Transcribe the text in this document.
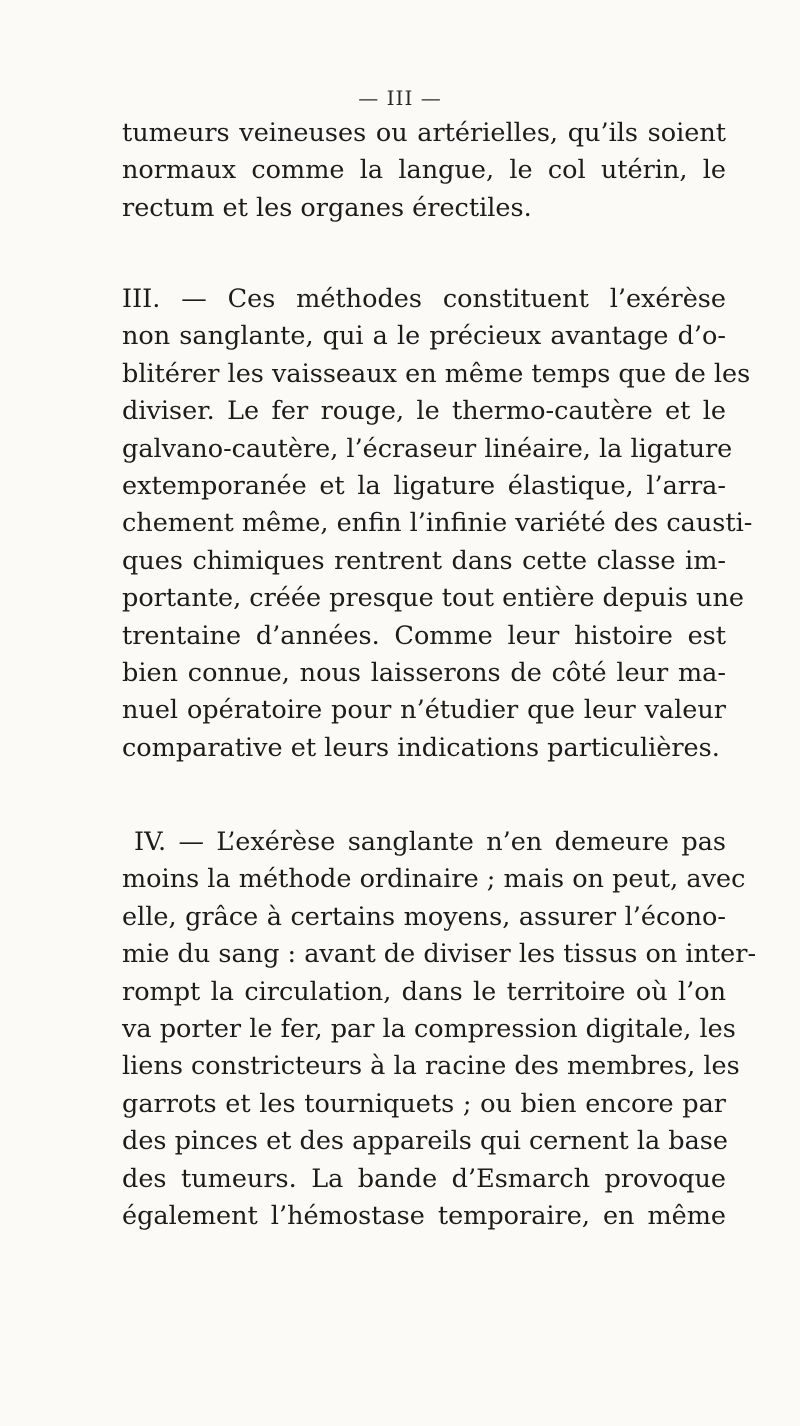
— III —
tumeurs veineuses ou artérielles, qu’ils soient
normaux comme la langue, le col utérin, le
rectum et les organes érectiles.
III. — Ces méthodes constituent l’exérèse
non sanglante, qui a le précieux avantage d’o-
blitérer les vaisseaux en même temps que de les
diviser. Le fer rouge, le thermo-cautère et le
galvano-cautère, l’écraseur linéaire, la ligature
extemporanée et la ligature élastique, l’arra-
chement même, enfin l’infinie variété des causti-
ques chimiques rentrent dans cette classe im-
portante, créée presque tout entière depuis une
trentaine d’années. Comme leur histoire est
bien connue, nous laisserons de côté leur ma-
nuel opératoire pour n’étudier que leur valeur
comparative et leurs indications particulières.
IV. — L’exérèse sanglante n’en demeure pas
moins la méthode ordinaire ; mais on peut, avec
elle, grâce à certains moyens, assurer l’écono-
mie du sang : avant de diviser les tissus on inter-
rompt la circulation, dans le territoire où l’on
va porter le fer, par la compression digitale, les
liens constricteurs à la racine des membres, les
garrots et les tourniquets ; ou bien encore par
des pinces et des appareils qui cernent la base
des tumeurs. La bande d’Esmarch provoque
également l’hémostase temporaire, en même
